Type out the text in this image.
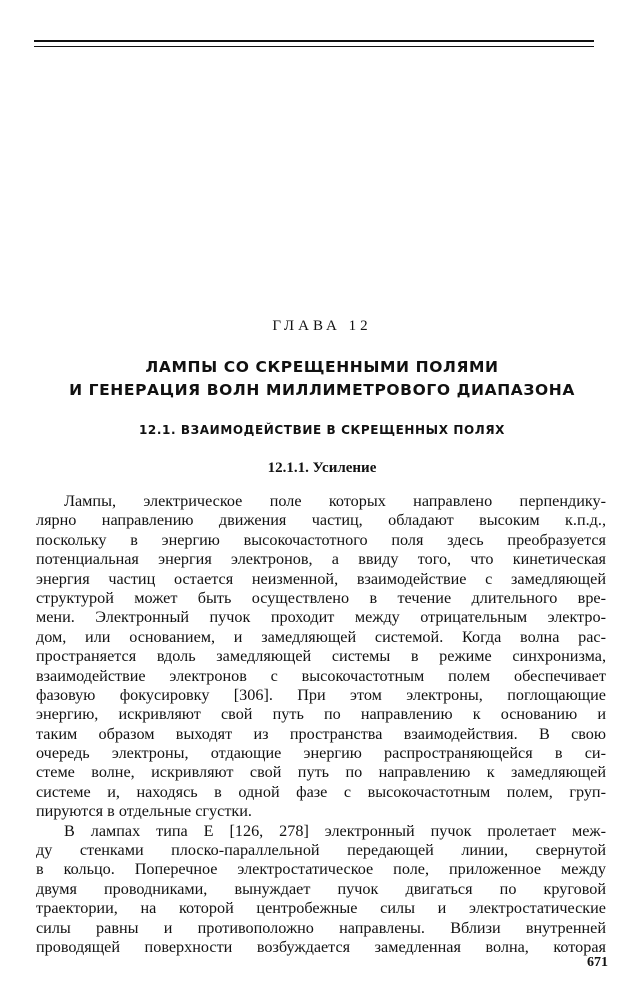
ГЛАВА 12
ЛАМПЫ СО СКРЕЩЕННЫМИ ПОЛЯМИ
И ГЕНЕРАЦИЯ ВОЛН МИЛЛИМЕТРОВОГО ДИАПАЗОНА
12.1. ВЗАИМОДЕЙСТВИЕ В СКРЕЩЕННЫХ ПОЛЯХ
12.1.1. Усиление
Лампы, электрическое поле которых направлено перпендику-
лярно направлению движения частиц, обладают высоким к.п.д.,
поскольку в энергию высокочастотного поля здесь преобразуется
потенциальная энергия электронов, а ввиду того, что кинетическая
энергия частиц остается неизменной, взаимодействие с замедляющей
структурой может быть осуществлено в течение длительного вре-
мени. Электронный пучок проходит между отрицательным электро-
дом, или основанием, и замедляющей системой. Когда волна рас-
пространяется вдоль замедляющей системы в режиме синхронизма,
взаимодействие электронов с высокочастотным полем обеспечивает
фазовую фокусировку [306]. При этом электроны, поглощающие
энергию, искривляют свой путь по направлению к основанию и
таким образом выходят из пространства взаимодействия. В свою
очередь электроны, отдающие энергию распространяющейся в си-
стеме волне, искривляют свой путь по направлению к замедляющей
системе и, находясь в одной фазе с высокочастотным полем, груп-
пируются в отдельные сгустки.
В лампах типа Е [126, 278] электронный пучок пролетает меж-
ду стенками плоско-параллельной передающей линии, свернутой
в кольцо. Поперечное электростатическое поле, приложенное между
двумя проводниками, вынуждает пучок двигаться по круговой
траектории, на которой центробежные силы и электростатические
силы равны и противоположно направлены. Вблизи внутренней
проводящей поверхности возбуждается замедленная волна, которая
671
